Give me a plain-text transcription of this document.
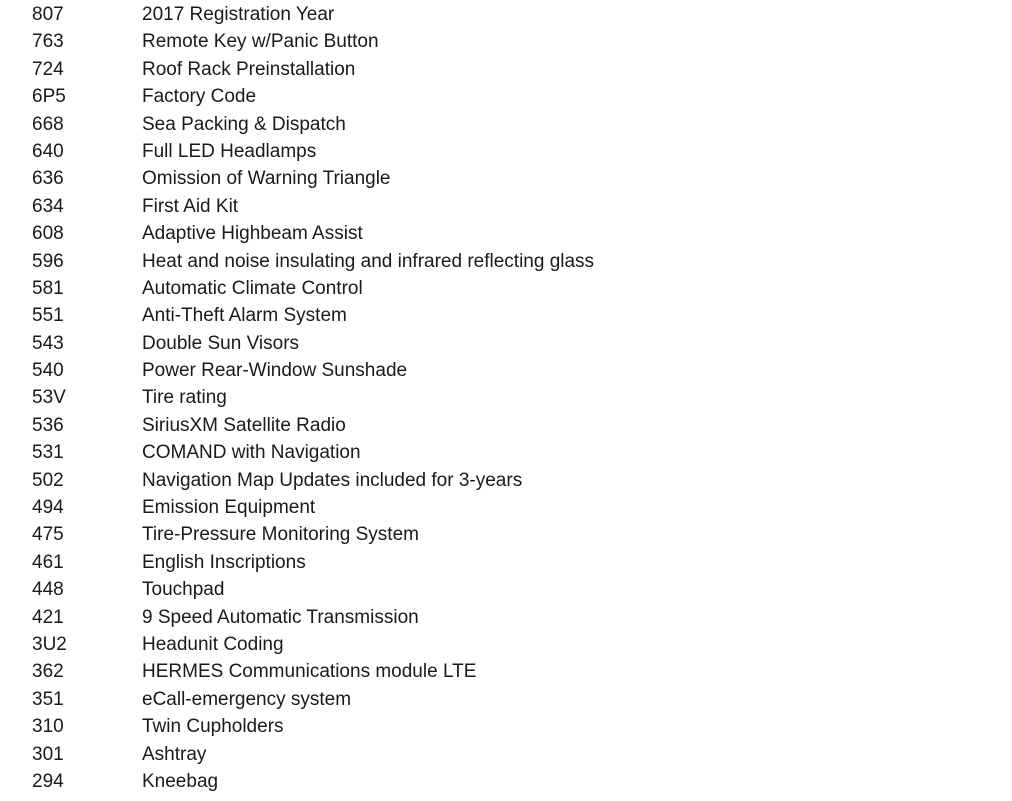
807	2017 Registration Year
763	Remote Key w/Panic Button
724	Roof Rack Preinstallation
6P5	Factory Code
668	Sea Packing & Dispatch
640	Full LED Headlamps
636	Omission of Warning Triangle
634	First Aid Kit
608	Adaptive Highbeam Assist
596	Heat and noise insulating and infrared reflecting glass
581	Automatic Climate Control
551	Anti-Theft Alarm System
543	Double Sun Visors
540	Power Rear-Window Sunshade
53V	Tire rating
536	SiriusXM Satellite Radio
531	COMAND with Navigation
502	Navigation Map Updates included for 3-years
494	Emission Equipment
475	Tire-Pressure Monitoring System
461	English Inscriptions
448	Touchpad
421	9 Speed Automatic Transmission
3U2	Headunit Coding
362	HERMES Communications module LTE
351	eCall-emergency system
310	Twin Cupholders
301	Ashtray
294	Kneebag
